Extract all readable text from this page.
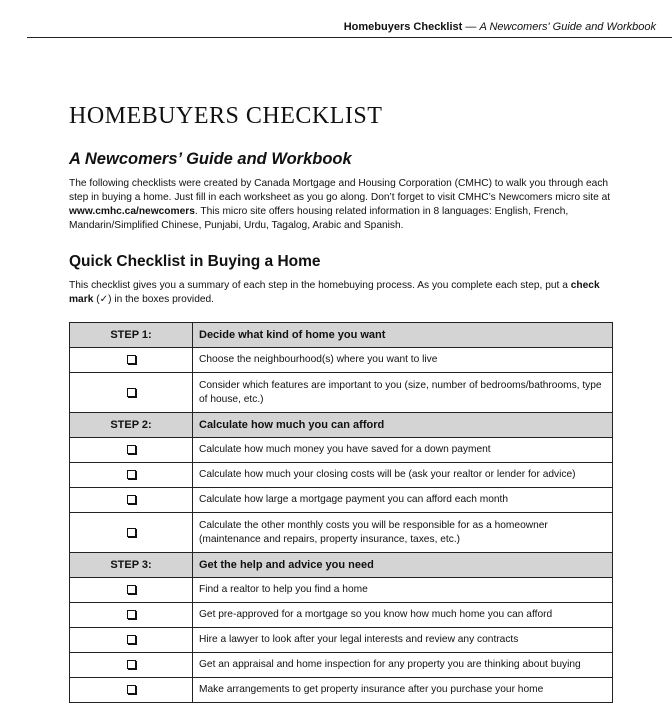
Homebuyers Checklist — A Newcomers' Guide and Workbook
HOMEBUYERS CHECKLIST
A Newcomers’ Guide and Workbook

The following checklists were created by Canada Mortgage and Housing Corporation (CMHC) to walk you through each step in buying a home. Just fill in each worksheet as you go along. Don’t forget to visit CMHC’s Newcomers micro site at www.cmhc.ca/newcomers. This micro site offers housing related information in 8 languages: English, French, Mandarin/Simplified Chinese, Punjabi, Urdu, Tagalog, Arabic and Spanish.

Quick Checklist in Buying a Home

This checklist gives you a summary of each step in the homebuying process. As you complete each step, put a check mark (✓) in the boxes provided.

STEP 1:	Decide what kind of home you want
	Choose the neighbourhood(s) where you want to live
	Consider which features are important to you (size, number of bedrooms/bathrooms, type of house, etc.)
STEP 2:	Calculate how much you can afford
	Calculate how much money you have saved for a down payment
	Calculate how much your closing costs will be (ask your realtor or lender for advice)
	Calculate how large a mortgage payment you can afford each month
	Calculate the other monthly costs you will be responsible for as a homeowner (maintenance and repairs, property insurance, taxes, etc.)
STEP 3:	Get the help and advice you need
	Find a realtor to help you find a home
	Get pre-approved for a mortgage so you know how much home you can afford
	Hire a lawyer to look after your legal interests and review any contracts
	Get an appraisal and home inspection for any property you are thinking about buying
	Make arrangements to get property insurance after you purchase your home
